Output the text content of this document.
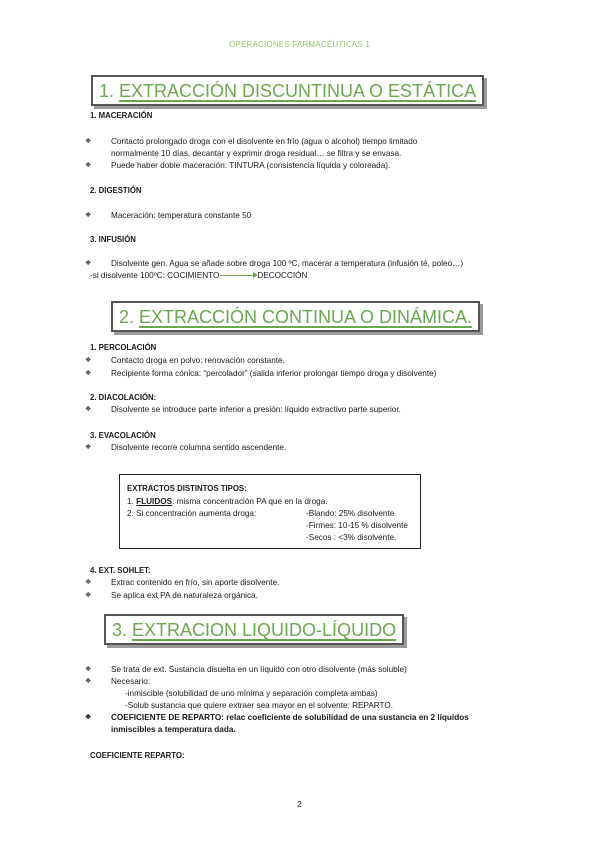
OPERACIONES FARMACÉUTICAS 1
1. EXTRACCIÓN DISCUNTINUA O ESTÁTICA
1. MACERACIÓN
❖ Contacto prolongado droga con el disolvente en frío (agua o alcohol) tiempo limitado
normalmente 10 días, decantar y exprimir droga residual… se filtra y se envasa.
❖ Puede haber doble maceración: TINTURA (consistencia líquida y coloreada).
2. DIGESTIÓN
❖ Maceración: temperatura constante 50
3. INFUSIÓN
❖ Disolvente gen. Agua se añade sobre droga 100 ºC, macerar a temperatura (infusión té, poleo…)
-si disolvente 100ºC: COCIMIENTO	DECOCCIÓN
2. EXTRACCIÓN CONTINUA O DINÁMICA.
1. PERCOLACIÓN
❖ Contacto droga en polvo: renovación constante.
❖ Recipiente forma cónica: “percolador” (salida inferior prolongar tiempo droga y disolvente)
2. DIACOLACIÓN:
❖ Disolvente se introduce parte inferior a presión: líquido extractivo parte superior.
3. EVACOLACIÓN
❖ Disolvente recorre columna sentido ascendente.
EXTRACTOS DISTINTOS TIPOS:
1. FLUIDOS: misma concentración PA que en la droga.
2. Si concentración aumenta droga:	-Blando: 25% disolvente
-Firmes: 10-15 % disolvente
-Secos : <3% disolvente.
4. EXT. SOHLET:
❖ Extrac contenido en frío, sin aporte disolvente.
❖ Se aplica ext PA de naturaleza orgánica.
3. EXTRACION LIQUIDO-LÍQUIDO
❖ Se trata de ext. Sustancia disuelta en un líquido con otro disolvente (más soluble)
❖ Necesario:
-inmiscible (solubilidad de uno mínima y separación completa ambas)
-Solub sustancia que quiere extraer sea mayor en el solvente: REPARTO.
❖ COEFICIENTE DE REPARTO: relac coeficiente de solubilidad de una sustancia en 2 líquidos
inmiscibles a temperatura dada.
COEFICIENTE REPARTO:
2
